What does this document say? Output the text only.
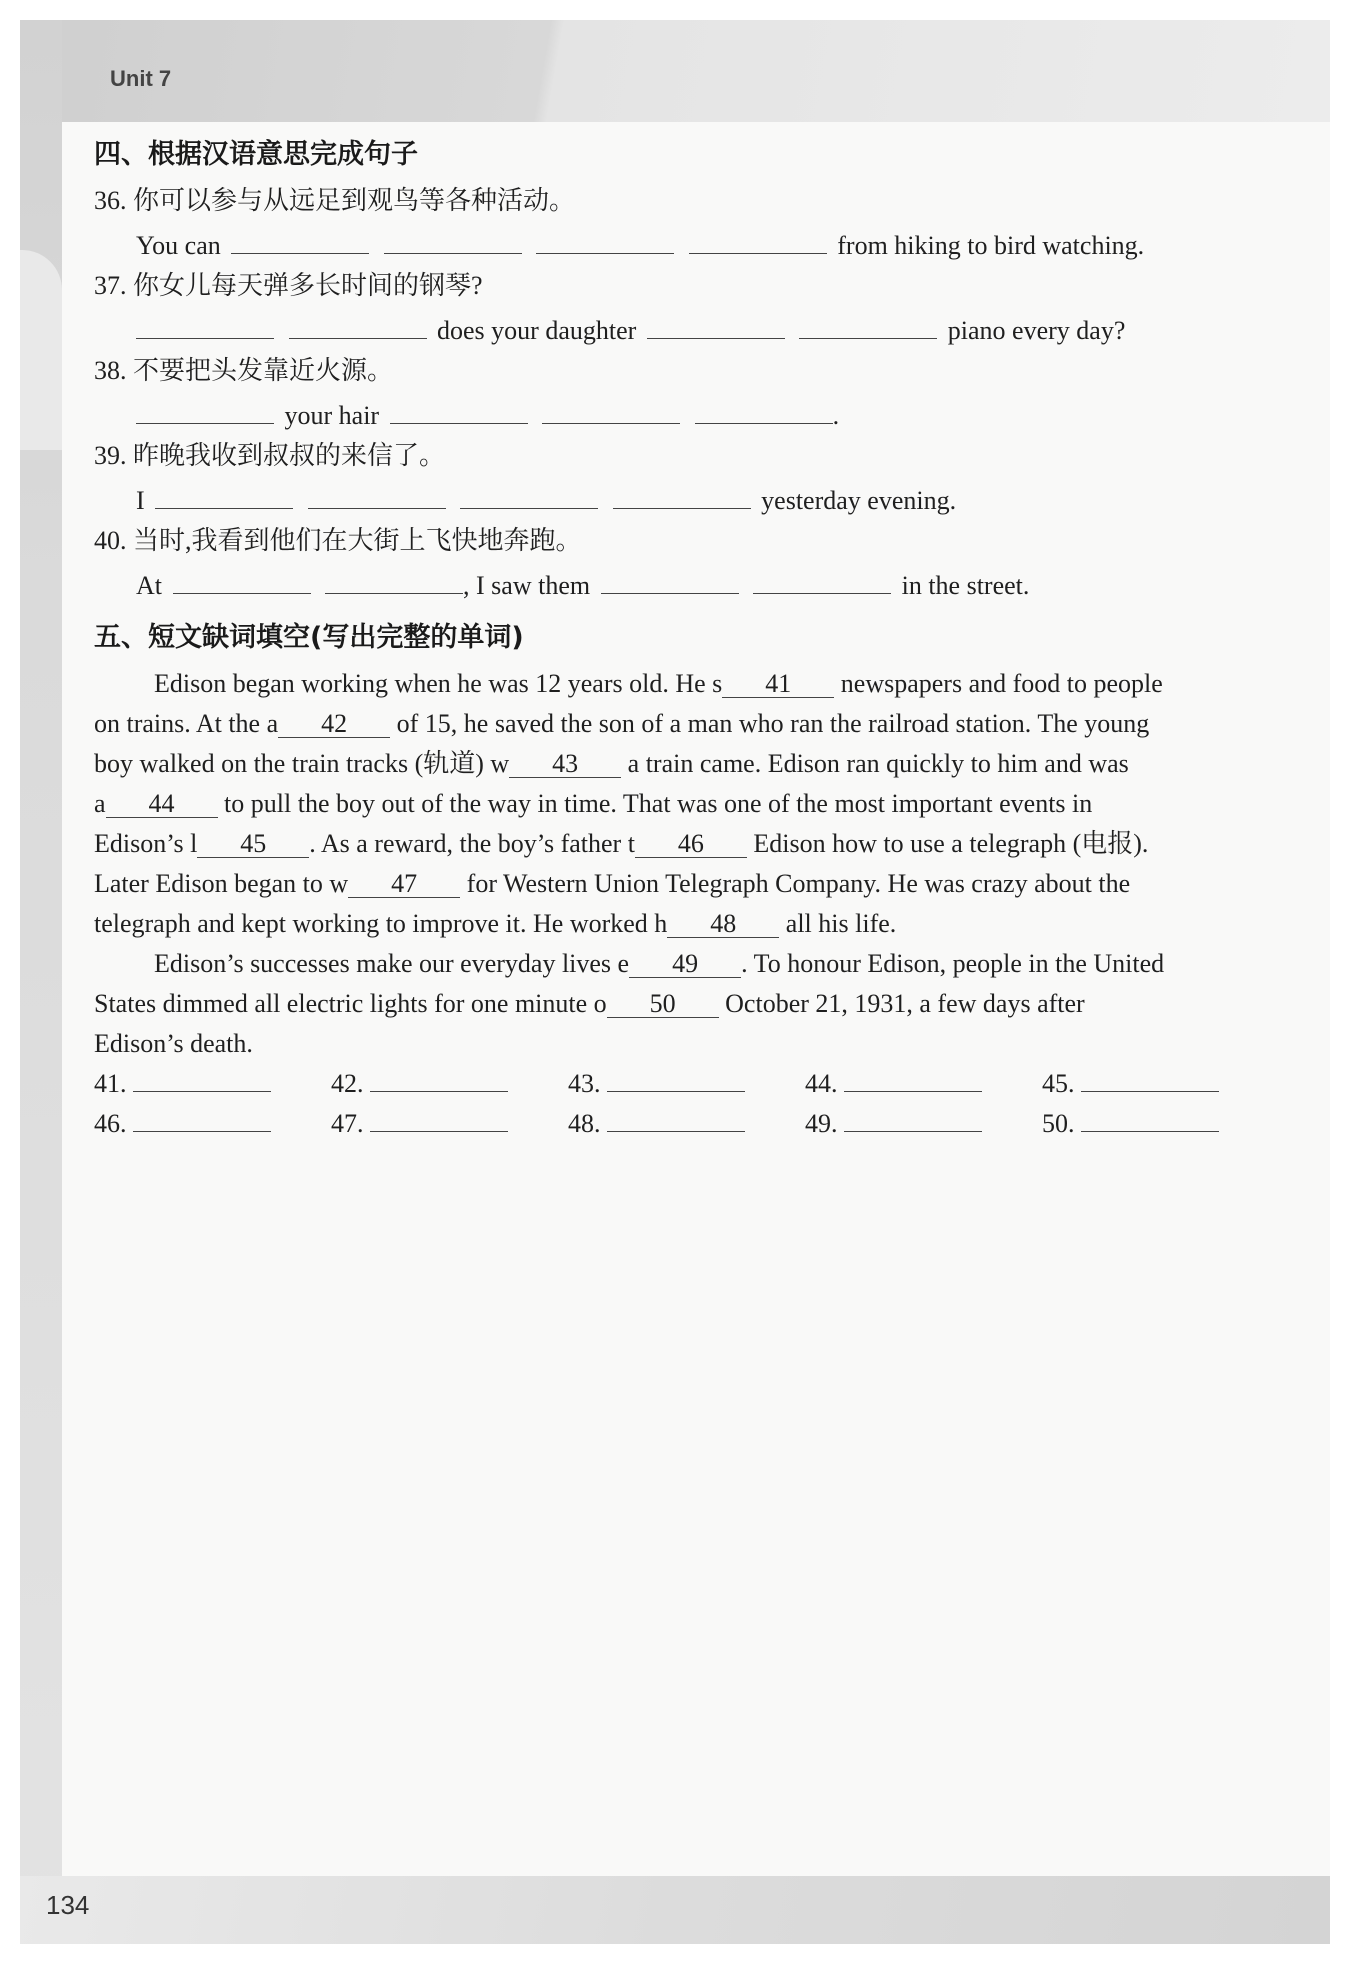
Unit 7
134
四、根据汉语意思完成句子
36. 你可以参与从远足到观鸟等各种活动。
You can	from hiking to bird watching.
37. 你女儿每天弹多长时间的钢琴?
does your daughter	piano every day?
38. 不要把头发靠近火源。
your hair	.
39. 昨晚我收到叔叔的来信了。
I	yesterday evening.
40. 当时,我看到他们在大街上飞快地奔跑。
At	, I saw them	in the street.
五、短文缺词填空(写出完整的单词)
Edison began working when he was 12 years old. He s 41 newspapers and food to people
on trains. At the a 42 of 15, he saved the son of a man who ran the railroad station. The young
boy walked on the train tracks (轨道) w 43 a train came. Edison ran quickly to him and was
a 44 to pull the boy out of the way in time. That was one of the most important events in
Edison’s l 45 . As a reward, the boy’s father t 46 Edison how to use a telegraph (电报).
Later Edison began to w 47 for Western Union Telegraph Company. He was crazy about the
telegraph and kept working to improve it. He worked h 48 all his life.
Edison’s successes make our everyday lives e 49 . To honour Edison, people in the United
States dimmed all electric lights for one minute o 50 October 21, 1931, a few days after
Edison’s death.
41.	42.	43.	44.	45.
46.	47.	48.	49.	50.
